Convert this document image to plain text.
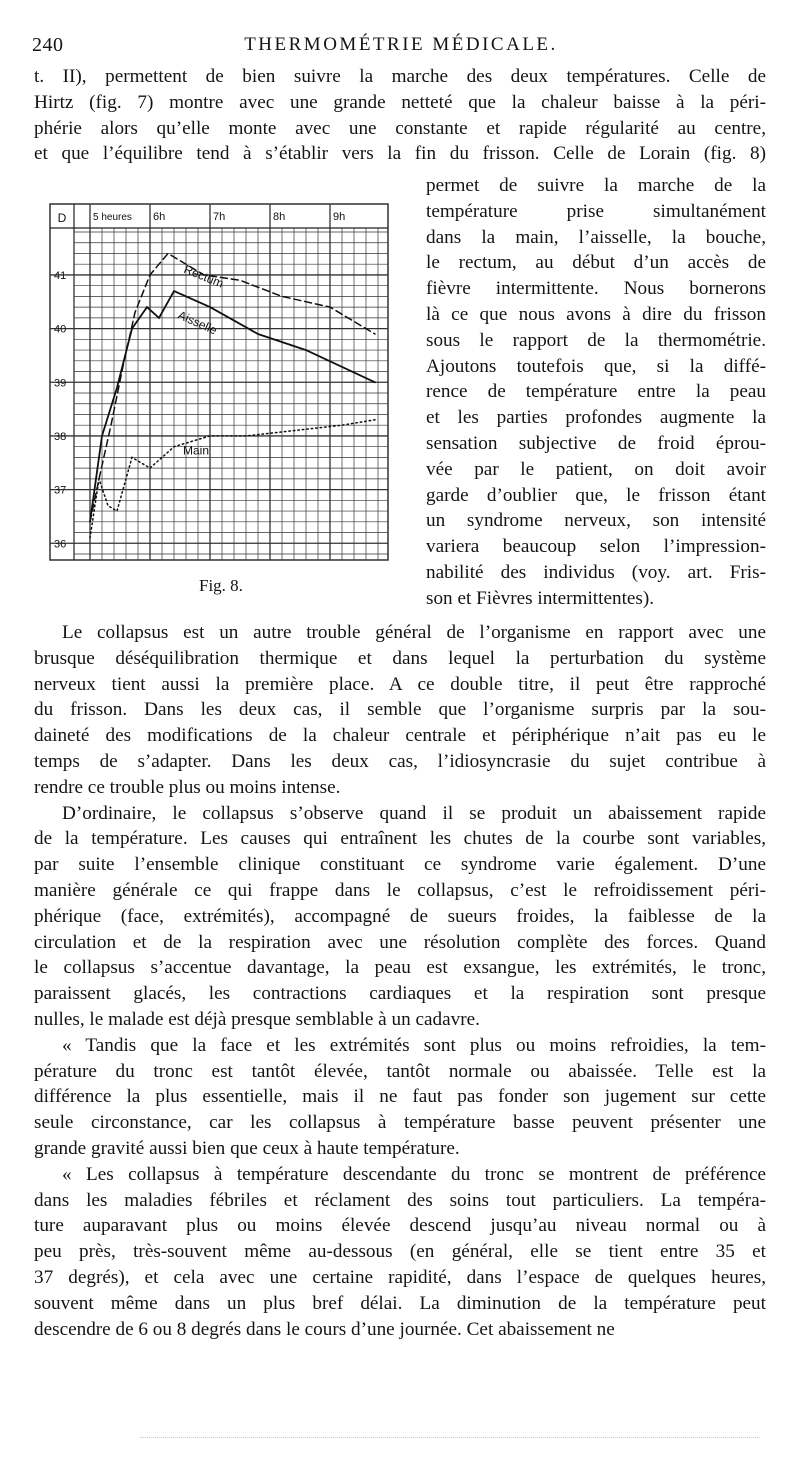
240	THERMOMÉTRIE MÉDICALE.
t. II), permettent de bien suivre la marche des deux températures. Celle de
Hirtz (fig. 7) montre avec une grande netteté que la chaleur baisse à la péri-
phérie alors qu’elle monte avec une constante et rapide régularité au centre,
et que l’équilibre tend à s’établir vers la fin du frisson. Celle de Lorain (fig. 8)
permet de suivre la marche de la
température prise simultanément
dans la main, l’aisselle, la bouche,
le rectum, au début d’un accès de
fièvre intermittente. Nous bornerons
là ce que nous avons à dire du frisson
sous le rapport de la thermométrie.
Ajoutons toutefois que, si la diffé-
rence de température entre la peau
et les parties profondes augmente la
sensation subjective de froid éprou-
vée par le patient, on doit avoir
garde d’oublier que, le frisson étant
un syndrome nerveux, son intensité
variera beaucoup selon l’impression-
nabilité des individus (voy. art. Fris-
son et Fièvres intermittentes).
D	5 heures 6h	7h	8h	9h
41
40
39
38
37
36
Rectum
Aisselle
Main
Fig. 8.
Le collapsus est un autre trouble général de l’organisme en rapport avec une
brusque déséquilibration thermique et dans lequel la perturbation du système
nerveux tient aussi la première place. A ce double titre, il peut être rapproché
du frisson. Dans les deux cas, il semble que l’organisme surpris par la sou-
daineté des modifications de la chaleur centrale et périphérique n’ait pas eu le
temps de s’adapter. Dans les deux cas, l’idiosyncrasie du sujet contribue à
rendre ce trouble plus ou moins intense.
D’ordinaire, le collapsus s’observe quand il se produit un abaissement rapide
de la température. Les causes qui entraînent les chutes de la courbe sont variables,
par suite l’ensemble clinique constituant ce syndrome varie également. D’une
manière générale ce qui frappe dans le collapsus, c’est le refroidissement péri-
phérique (face, extrémités), accompagné de sueurs froides, la faiblesse de la
circulation et de la respiration avec une résolution complète des forces. Quand
le collapsus s’accentue davantage, la peau est exsangue, les extrémités, le tronc,
paraissent glacés, les contractions cardiaques et la respiration sont presque
nulles, le malade est déjà presque semblable à un cadavre.
« Tandis que la face et les extrémités sont plus ou moins refroidies, la tem-
pérature du tronc est tantôt élevée, tantôt normale ou abaissée. Telle est la
différence la plus essentielle, mais il ne faut pas fonder son jugement sur cette
seule circonstance, car les collapsus à température basse peuvent présenter une
grande gravité aussi bien que ceux à haute température.
« Les collapsus à température descendante du tronc se montrent de préférence
dans les maladies fébriles et réclament des soins tout particuliers. La tempéra-
ture auparavant plus ou moins élevée descend jusqu’au niveau normal ou à
peu près, très-souvent même au-dessous (en général, elle se tient entre 35 et
37 degrés), et cela avec une certaine rapidité, dans l’espace de quelques heures,
souvent même dans un plus bref délai. La diminution de la température peut
descendre de 6 ou 8 degrés dans le cours d’une journée. Cet abaissement ne
